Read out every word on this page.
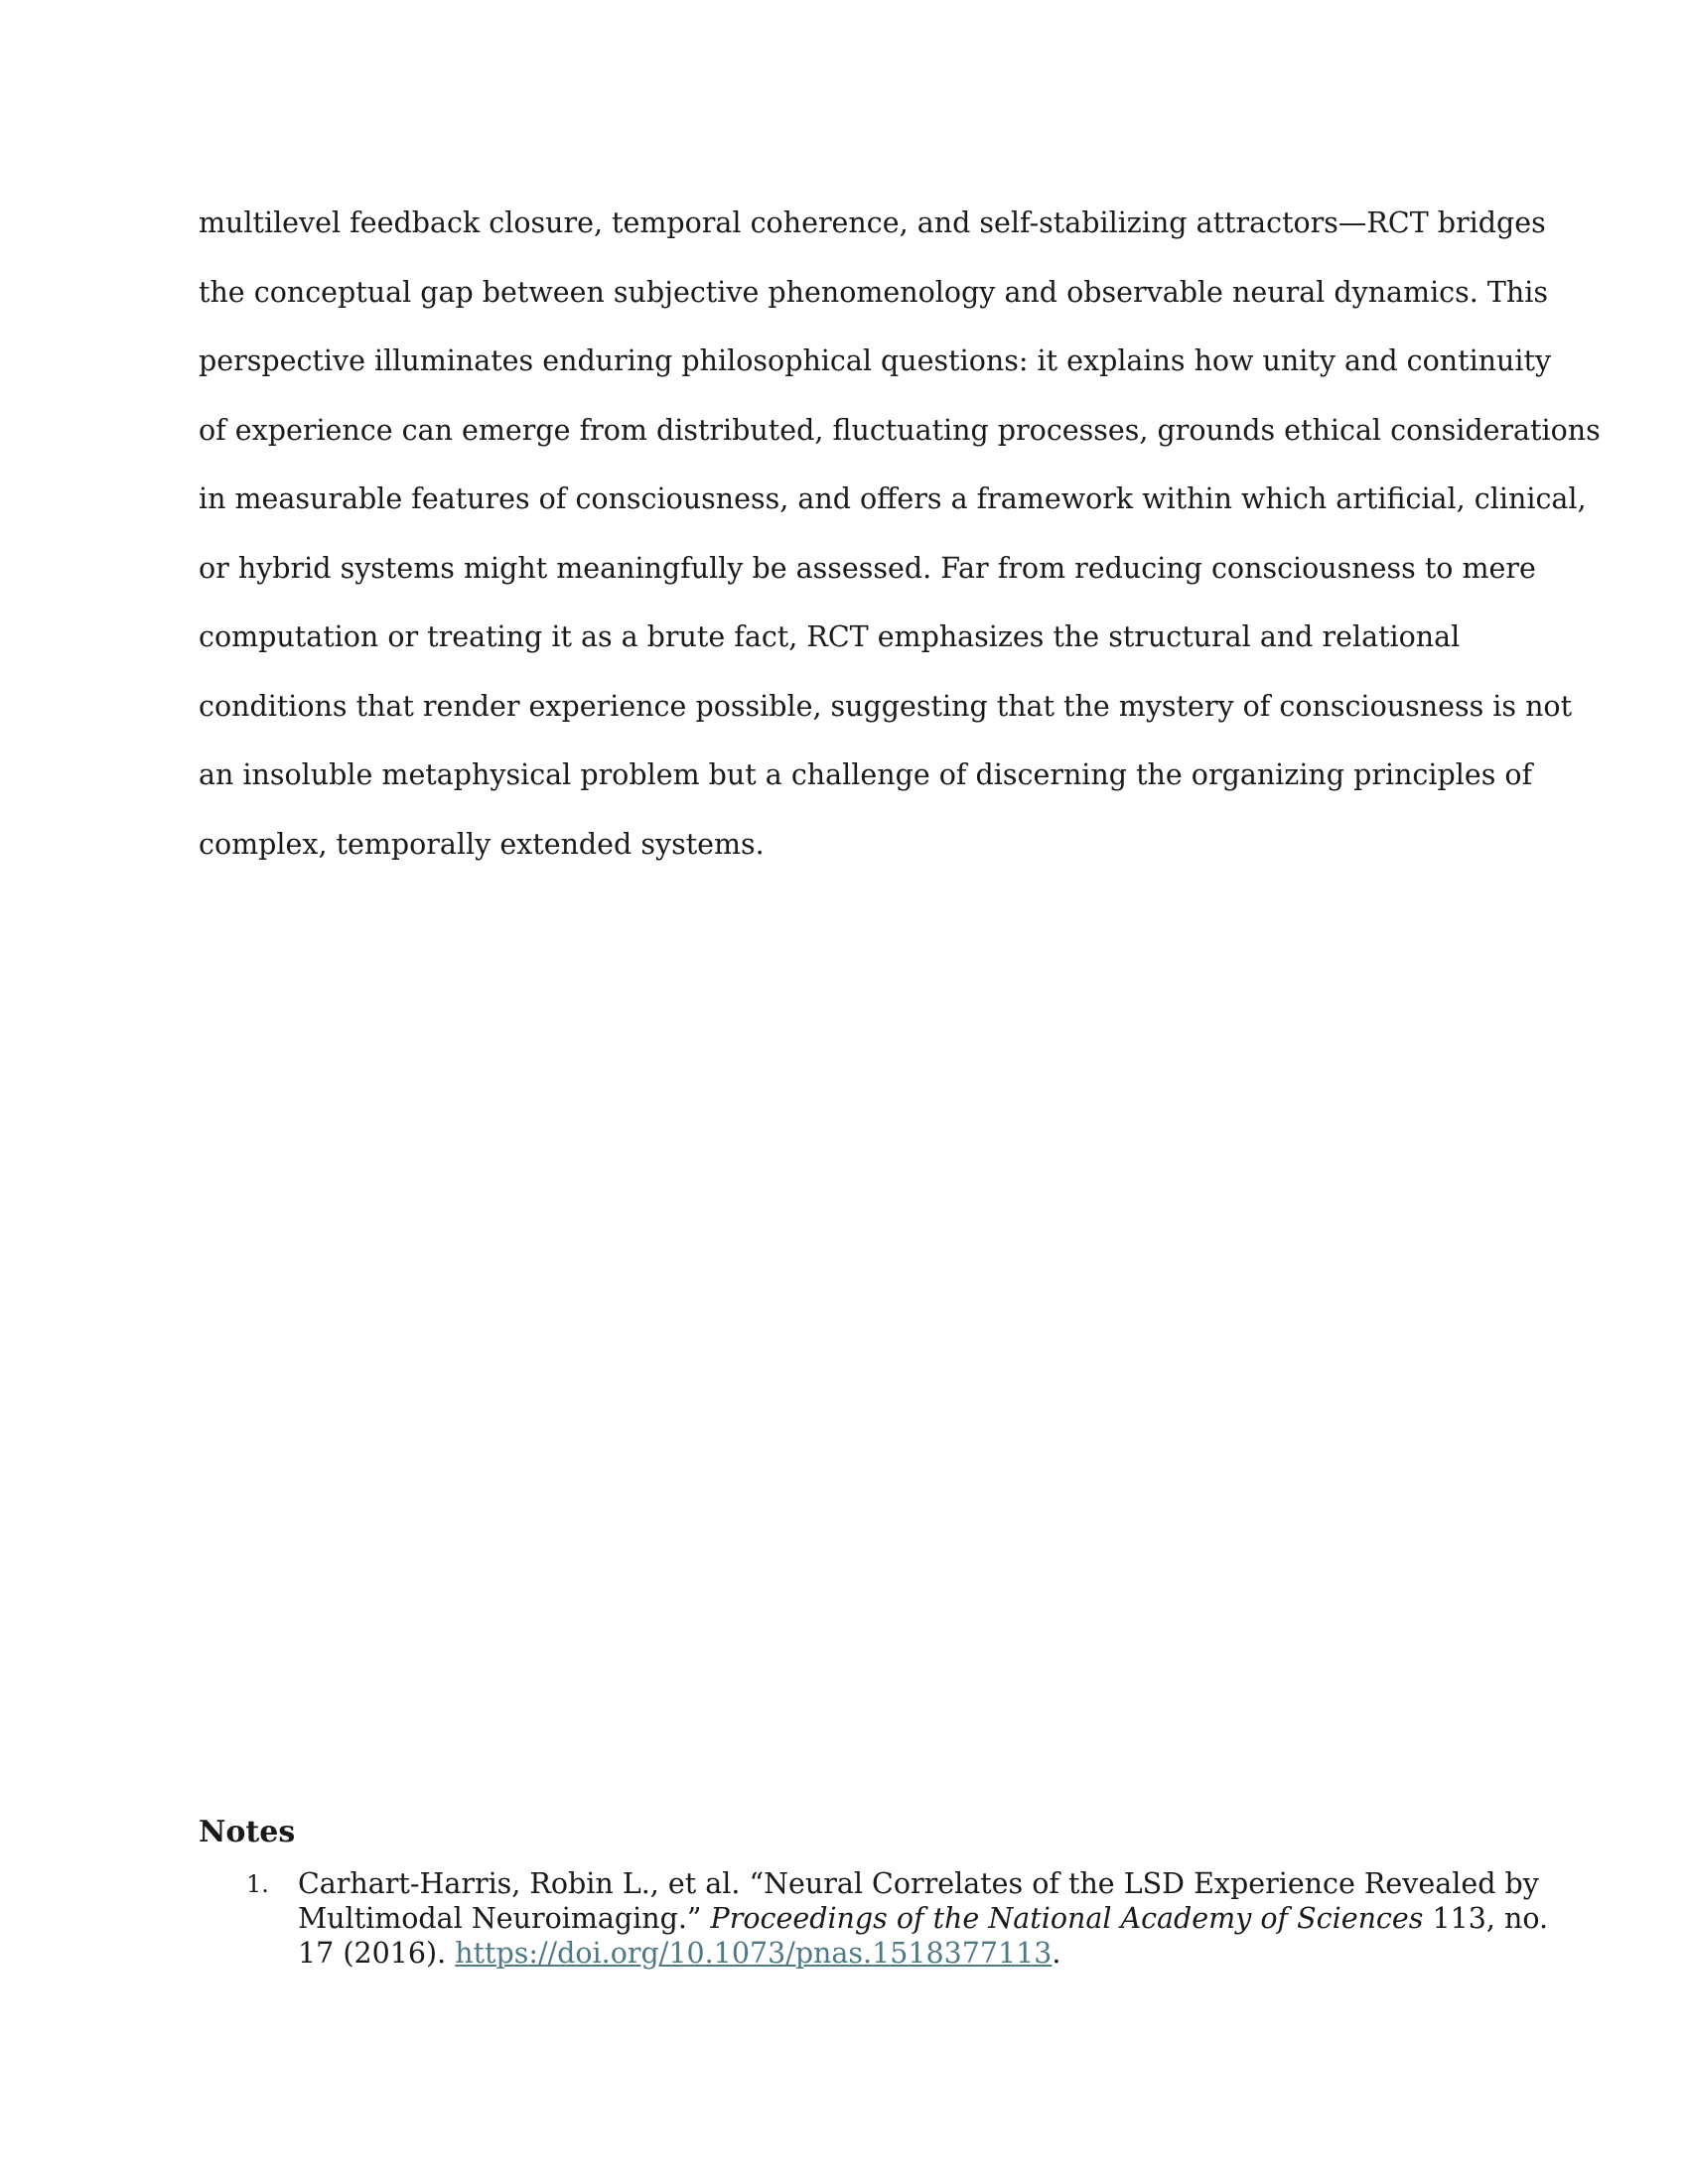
multilevel feedback closure, temporal coherence, and self-stabilizing attractors—RCT bridges
the conceptual gap between subjective phenomenology and observable neural dynamics. This
perspective illuminates enduring philosophical questions: it explains how unity and continuity
of experience can emerge from distributed, fluctuating processes, grounds ethical considerations
in measurable features of consciousness, and offers a framework within which artificial, clinical,
or hybrid systems might meaningfully be assessed. Far from reducing consciousness to mere
computation or treating it as a brute fact, RCT emphasizes the structural and relational
conditions that render experience possible, suggesting that the mystery of consciousness is not
an insoluble metaphysical problem but a challenge of discerning the organizing principles of
complex, temporally extended systems.
Notes
1. Carhart-Harris, Robin L., et al. “Neural Correlates of the LSD Experience Revealed by
Multimodal Neuroimaging.” Proceedings of the National Academy of Sciences 113, no.
17 (2016). https://doi.org/10.1073/pnas.1518377113.
